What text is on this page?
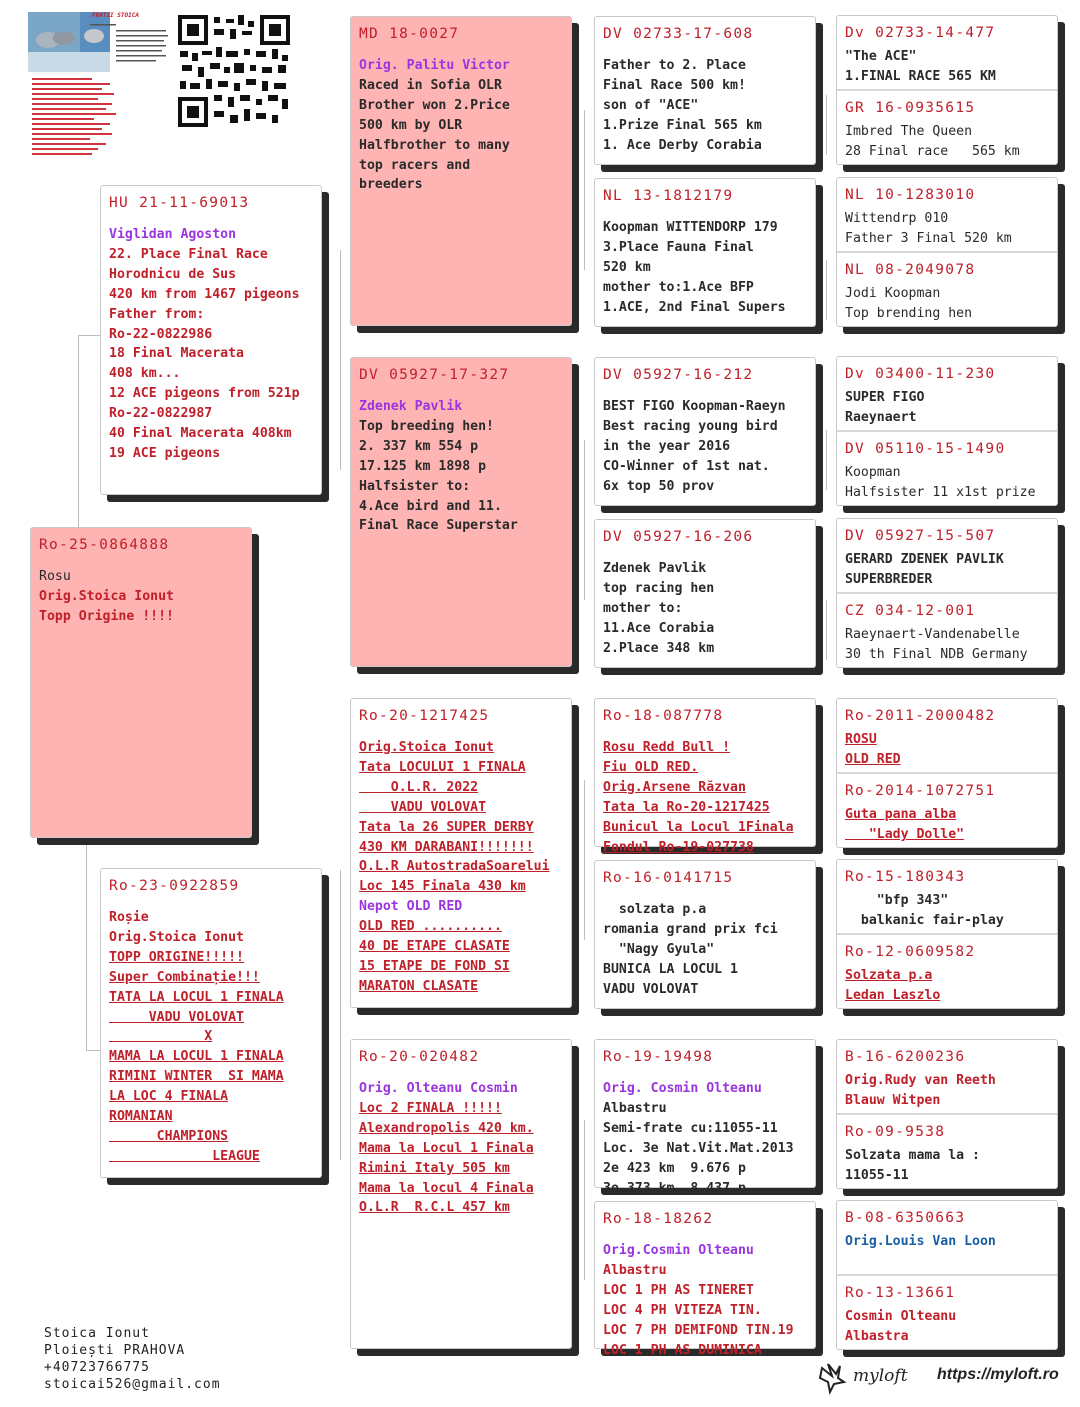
FRATII STOICA
Ro-25-0864888
Rosu
Orig.Stoica Ionut
Topp Origine !!!!
HU 21-11-69013
Viglidan Agoston
22. Place Final Race
Horodnicu de Sus
420 km from 1467 pigeons
Father from:
Ro-22-0822986
18 Final Macerata
408 km...
12 ACE pigeons from 521p
Ro-22-0822987
40 Final Macerata 408km
19 ACE pigeons
Ro-23-0922859
Roșie
Orig.Stoica Ionut
TOPP ORIGINE!!!!!
Super Combinație!!!
TATA LA LOCUL 1 FINALA
VADU VOLOVAT
X
MAMA LA LOCUL 1 FINALA
RIMINI WINTER  SI MAMA
LA LOC 4 FINALA
ROMANIAN
CHAMPIONS
LEAGUE
MD 18-0027
Orig. Palitu Victor
Raced in Sofia OLR
Brother won 2.Price
500 km by OLR
Halfbrother to many
top racers and
breeders
DV 05927-17-327
Zdenek Pavlik
Top breeding hen!
2. 337 km 554 p
17.125 km 1898 p
Halfsister to:
4.Ace bird and 11.
Final Race Superstar
Ro-20-1217425
Orig.Stoica Ionut
Tata LOCULUI 1 FINALA
O.L.R. 2022
VADU VOLOVAT
Tata la 26 SUPER DERBY
430 KM DARABANI!!!!!!!
O.L.R AutostradaSoarelui
Loc 145 Finala 430 km
Nepot OLD RED
OLD RED ..........
40 DE ETAPE CLASATE
15 ETAPE DE FOND SI
MARATON CLASATE
Ro-20-020482
Orig. Olteanu Cosmin
Loc 2 FINALA !!!!!
Alexandropolis 420 km.
Mama la Locul 1 Finala
Rimini Italy 505 km
Mama la locul 4 Finala
O.L.R  R.C.L 457 km
DV 02733-17-608
Father to 2. Place
Final Race 500 km!
son of "ACE"
1.Prize Final 565 km
1. Ace Derby Corabia
NL 13-1812179
Koopman WITTENDORP 179
3.Place Fauna Final
520 km
mother to:1.Ace BFP
1.ACE, 2nd Final Supers
DV 05927-16-212
BEST FIGO Koopman-Raeyn
Best racing young bird
in the year 2016
CO-Winner of 1st nat.
6x top 50 prov
DV 05927-16-206
Zdenek Pavlik
top racing hen
mother to:
11.Ace Corabia
2.Place 348 km
Ro-18-087778
Rosu Redd Bull !
Fiu OLD RED.
Orig.Arsene Răzvan
Tata la Ro-20-1217425
Bunicul la Locul 1Finala
Fondul Ro-19-027738
Ro-16-0141715
solzata p.a
romania grand prix fci
"Nagy Gyula"
BUNICA LA LOCUL 1
VADU VOLOVAT
Ro-19-19498
Orig. Cosmin Olteanu
Albastru
Semi-frate cu:11055-11
Loc. 3e Nat.Vit.Mat.2013
2e 423 km  9.676 p
3e 373 km  8.437 p
Ro-18-18262
Orig.Cosmin Olteanu
Albastru
LOC 1 PH AS TINERET
LOC 4 PH VITEZA TIN.
LOC 7 PH DEMIFOND TIN.19
LOC 1 PH AS DUMINICA
Dv 02733-14-477
"The ACE"
1.FINAL RACE 565 KM
GR 16-0935615
Imbred The Queen
28 Final race   565 km
NL 10-1283010
Wittendrp 010
Father 3 Final 520 km
NL 08-2049078
Jodi Koopman
Top brending hen
Dv 03400-11-230
SUPER FIGO
Raeynaert
DV 05110-15-1490
Koopman
Halfsister 11 x1st prize
DV 05927-15-507
GERARD ZDENEK PAVLIK
SUPERBREDER
CZ 034-12-001
Raeynaert-Vandenabelle
30 th Final NDB Germany
Ro-2011-2000482
ROSU
OLD RED
Ro-2014-1072751
Guta pana alba
"Lady Dolle"
Ro-15-180343
"bfp 343"
balkanic fair-play
Ro-12-0609582
Solzata p.a
Ledan Laszlo
B-16-6200236
Orig.Rudy van Reeth
Blauw Witpen
Ro-09-9538
Solzata mama la :
11055-11
B-08-6350663
Orig.Louis Van Loon
Ro-13-13661
Cosmin Olteanu
Albastra
Stoica Ionut
Ploiești PRAHOVA
+40723766775
stoicai526@gmail.com	myloft https://myloft.ro
